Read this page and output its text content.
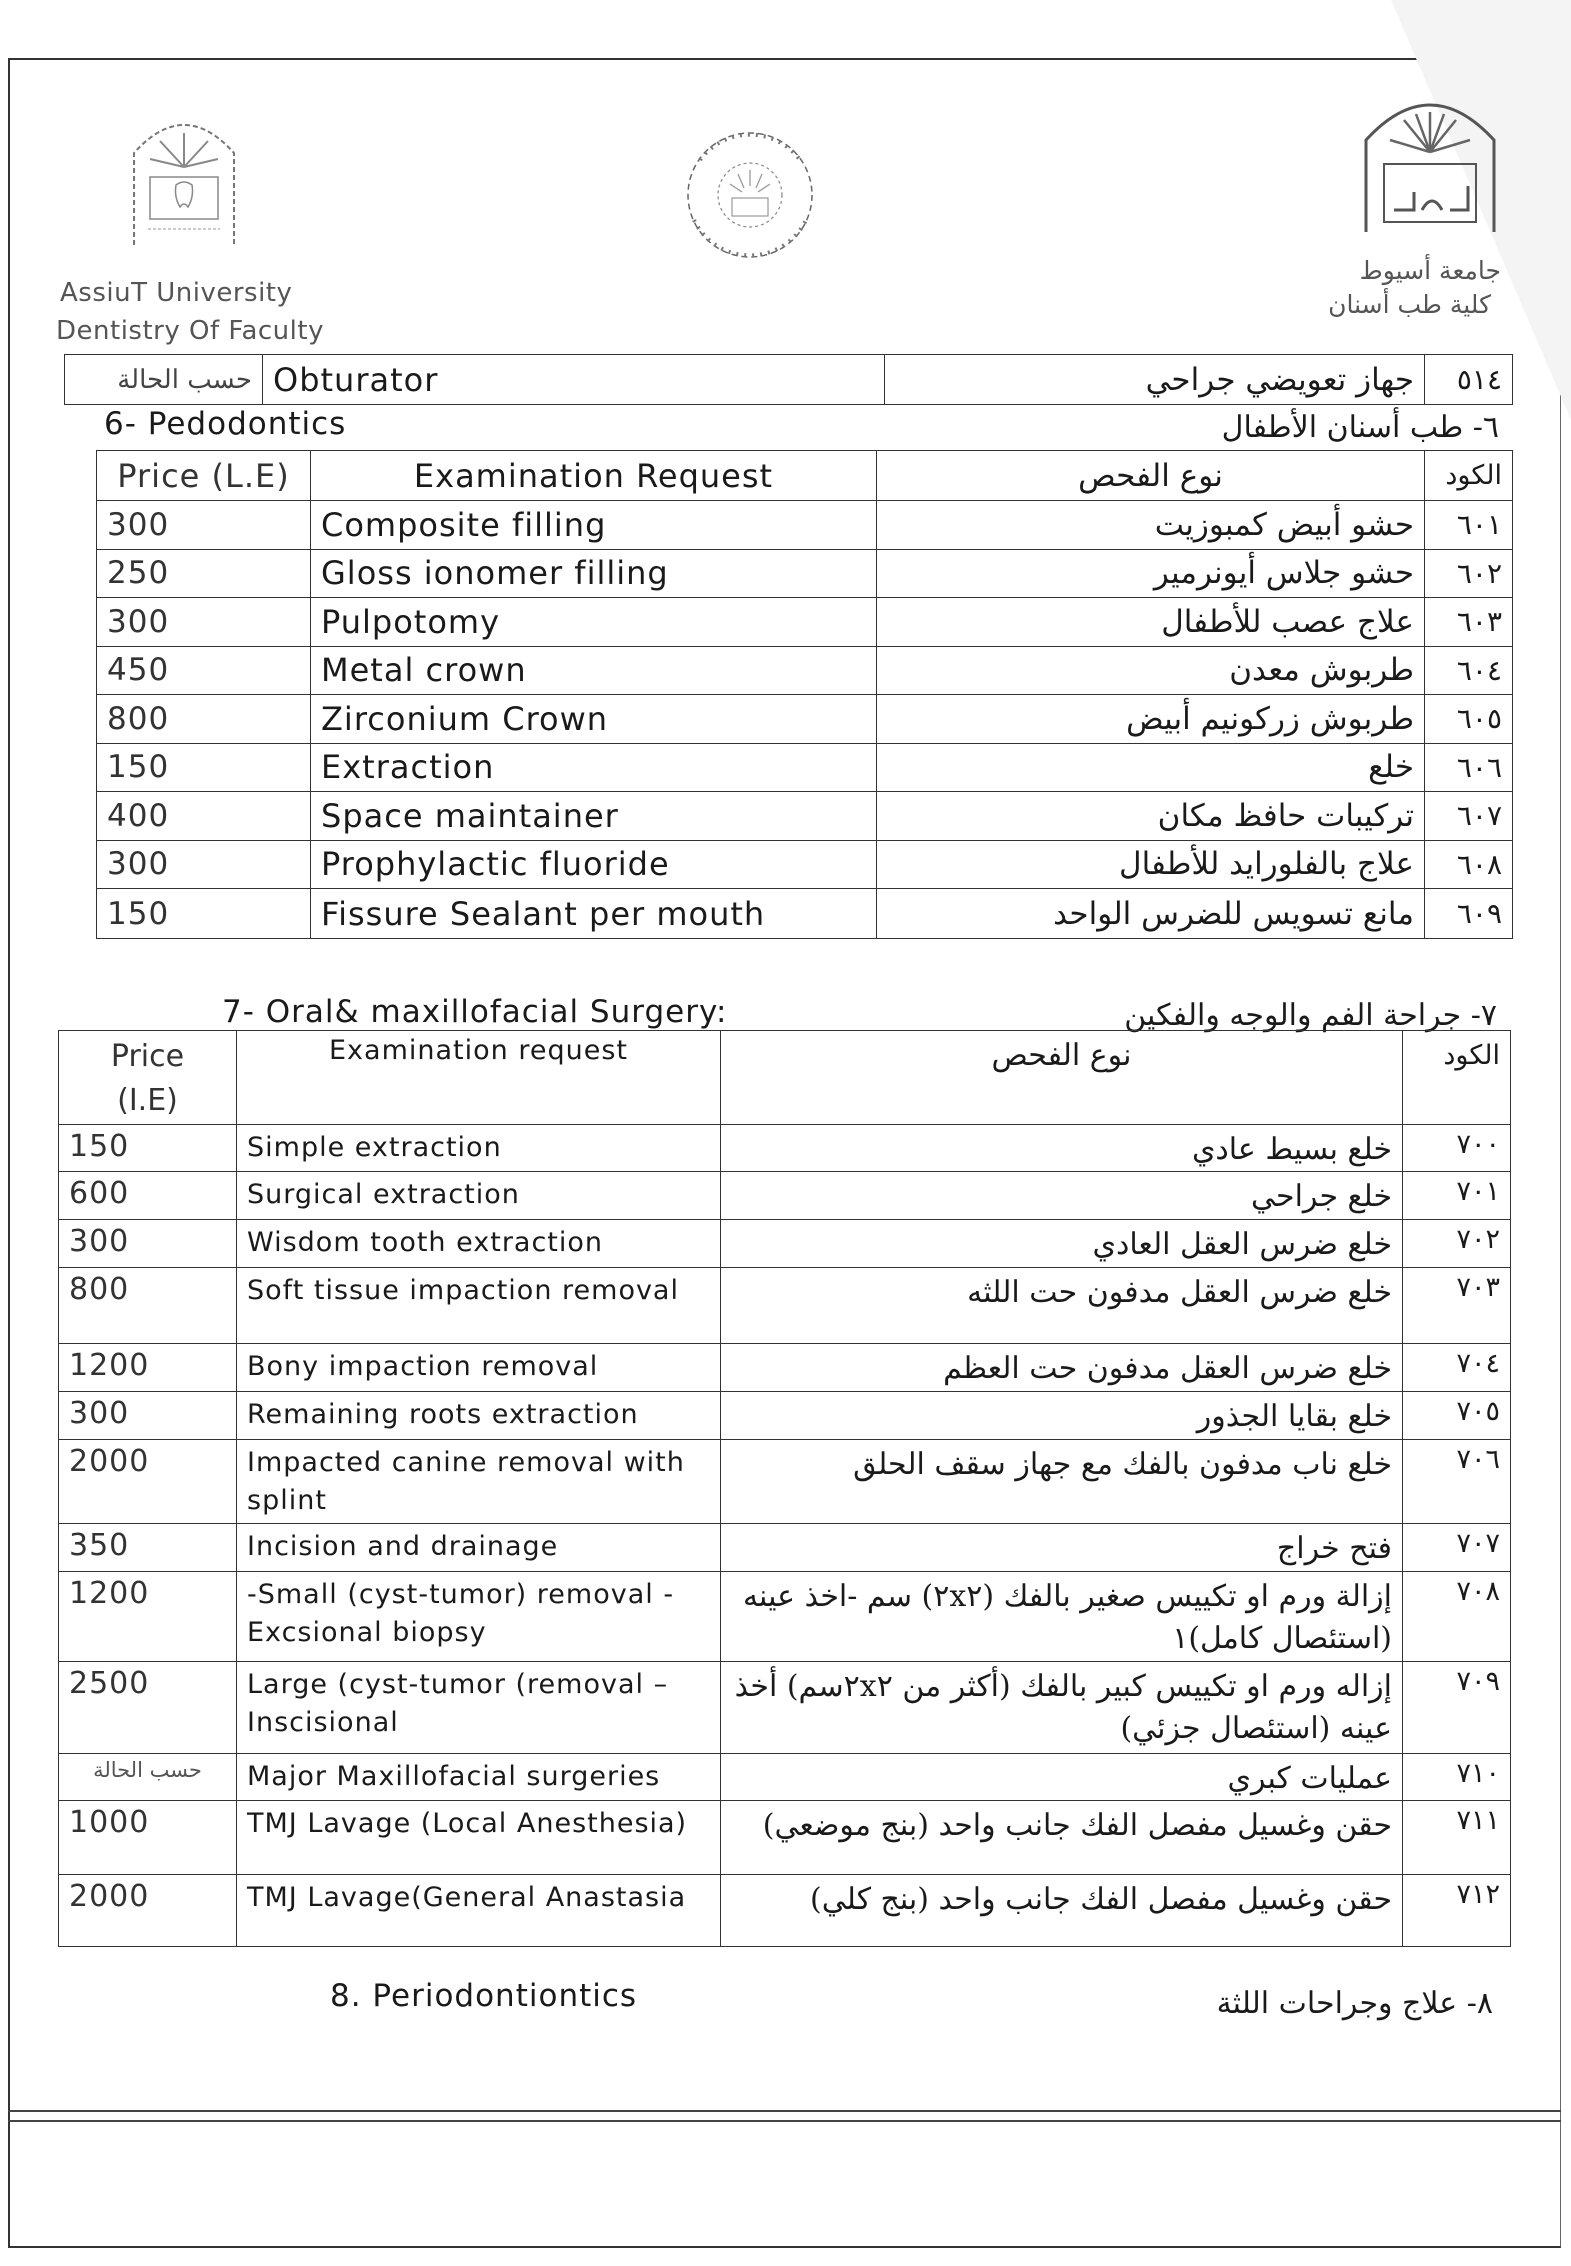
AssiuT University
Dentistry Of Faculty
جامعة أسيوط
كلية طب أسنان
حسب الحالة	Obturator	جهاز تعويضي جراحي	٥١٤
6- Pedodontics	٦- طب أسنان الأطفال
Price (L.E)	Examination Request	نوع الفحص	الكود
300	Composite filling	حشو أبيض كمبوزيت	٦٠١
250	Gloss ionomer filling	حشو جلاس أيونرمير	٦٠٢
300	Pulpotomy	علاج عصب للأطفال	٦٠٣
450	Metal crown	طربوش معدن	٦٠٤
800	Zirconium Crown	طربوش زركونيم أبيض	٦٠٥
150	Extraction	خلع	٦٠٦
400	Space maintainer	تركيبات حافظ مكان	٦٠٧
300	Prophylactic fluoride	علاج بالفلورايد للأطفال	٦٠٨
150	Fissure Sealant per mouth	مانع تسويس للضرس الواحد	٦٠٩
7- Oral& maxillofacial Surgery:	٧- جراحة الفم والوجه والفكين
Price
(I.E)	Examination request	نوع الفحص	الكود
150	Simple extraction	خلع بسيط عادي	٧٠٠
600	Surgical extraction	خلع جراحي	٧٠١
300	Wisdom tooth extraction	خلع ضرس العقل العادي	٧٠٢
800	Soft tissue impaction removal	خلع ضرس العقل مدفون حت اللثه	٧٠٣
1200	Bony impaction removal	خلع ضرس العقل مدفون حت العظم	٧٠٤
300	Remaining roots extraction	خلع بقايا الجذور	٧٠٥
2000	Impacted canine removal with splint	خلع ناب مدفون بالفك مع جهاز سقف الحلق	٧٠٦
350	Incision and drainage	فتح خراج	٧٠٧
1200	-Small (cyst-tumor) removal - Excsional biopsy	إزالة ورم او تكييس صغير بالفك (٢x٢) سم -اخذ عينه (استئصال كامل)١	٧٠٨
2500	Large (cyst-tumor (removal – Inscisional	إزاله ورم او تكييس كبير بالفك (أكثر من ٢x٢سم) أخذ عينه (استئصال جزئي)	٧٠٩
حسب الحالة	Major Maxillofacial surgeries	عمليات كبري	٧١٠
1000	TMJ Lavage (Local Anesthesia)	حقن وغسيل مفصل الفك جانب واحد (بنج موضعي)	٧١١
2000	TMJ Lavage(General Anastasia	حقن وغسيل مفصل الفك جانب واحد (بنج كلي)	٧١٢
8. Periodontiontics	٨- علاج وجراحات اللثة
